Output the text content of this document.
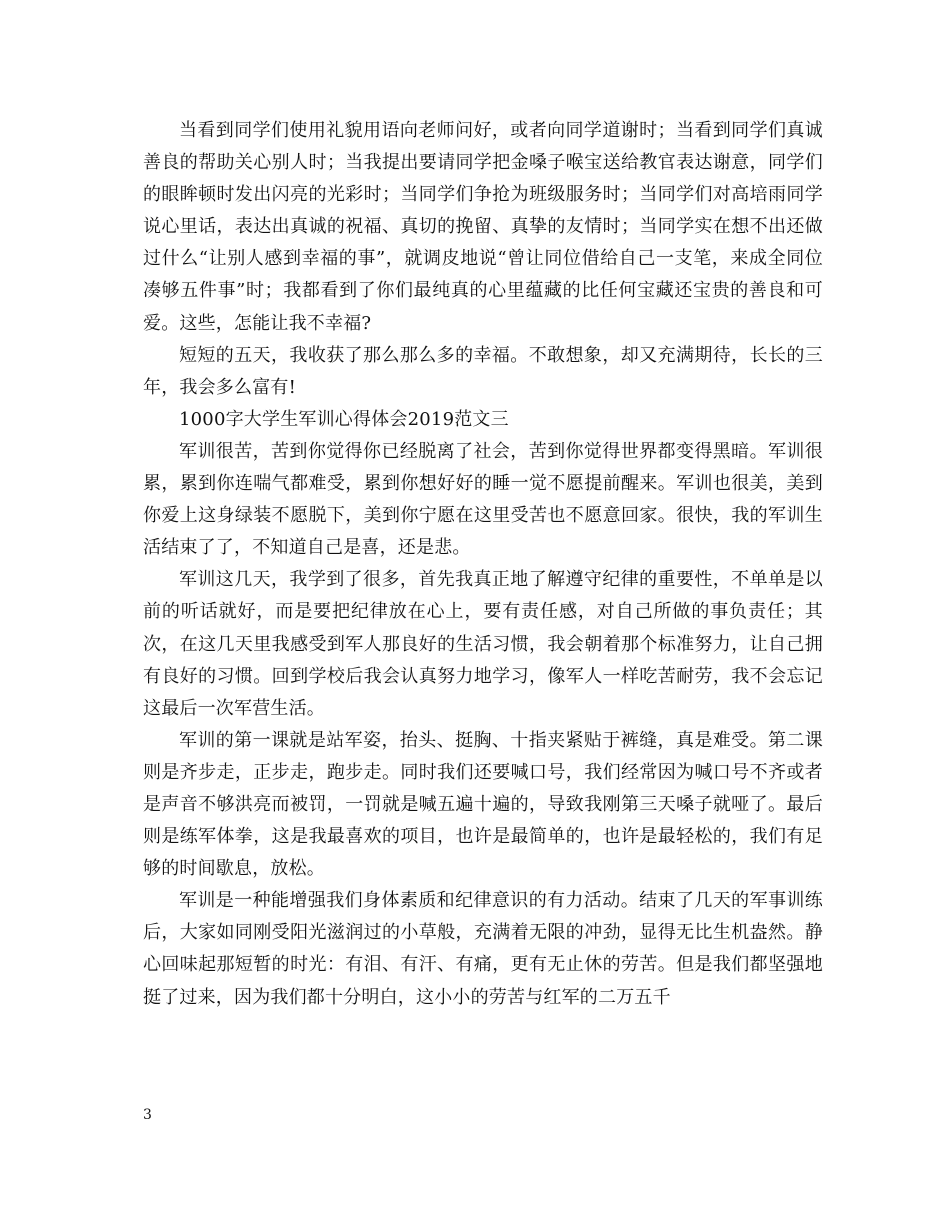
当看到同学们使用礼貌用语向老师问好，或者向同学道谢时；当看到同学们真诚善良的帮助关心别人时；当我提出要请同学把金嗓子喉宝送给教官表达谢意，同学们的眼眸顿时发出闪亮的光彩时；当同学们争抢为班级服务时；当同学们对高培雨同学说心里话，表达出真诚的祝福、真切的挽留、真挚的友情时；当同学实在想不出还做过什么“让别人感到幸福的事”，就调皮地说“曾让同位借给自己一支笔，来成全同位凑够五件事”时；我都看到了你们最纯真的心里蕴藏的比任何宝藏还宝贵的善良和可爱。这些，怎能让我不幸福?

短短的五天，我收获了那么那么多的幸福。不敢想象，却又充满期待，长长的三年，我会多么富有!

1000字大学生军训心得体会2019范文三

军训很苦，苦到你觉得你已经脱离了社会，苦到你觉得世界都变得黑暗。军训很累，累到你连喘气都难受，累到你想好好的睡一觉不愿提前醒来。军训也很美，美到你爱上这身绿装不愿脱下，美到你宁愿在这里受苦也不愿意回家。很快，我的军训生活结束了了，不知道自己是喜，还是悲。

军训这几天，我学到了很多，首先我真正地了解遵守纪律的重要性，不单单是以前的听话就好，而是要把纪律放在心上，要有责任感，对自己所做的事负责任；其次，在这几天里我感受到军人那良好的生活习惯，我会朝着那个标准努力，让自己拥有良好的习惯。回到学校后我会认真努力地学习，像军人一样吃苦耐劳，我不会忘记这最后一次军营生活。

军训的第一课就是站军姿，抬头、挺胸、十指夹紧贴于裤缝，真是难受。第二课则是齐步走，正步走，跑步走。同时我们还要喊口号，我们经常因为喊口号不齐或者是声音不够洪亮而被罚，一罚就是喊五遍十遍的，导致我刚第三天嗓子就哑了。最后则是练军体拳，这是我最喜欢的项目，也许是最简单的，也许是最轻松的，我们有足够的时间歇息，放松。

军训是一种能增强我们身体素质和纪律意识的有力活动。结束了几天的军事训练后，大家如同刚受阳光滋润过的小草般，充满着无限的冲劲，显得无比生机盎然。静心回味起那短暂的时光：有泪、有汗、有痛，更有无止休的劳苦。但是我们都坚强地挺了过来，因为我们都十分明白，这小小的劳苦与红军的二万五千

3
